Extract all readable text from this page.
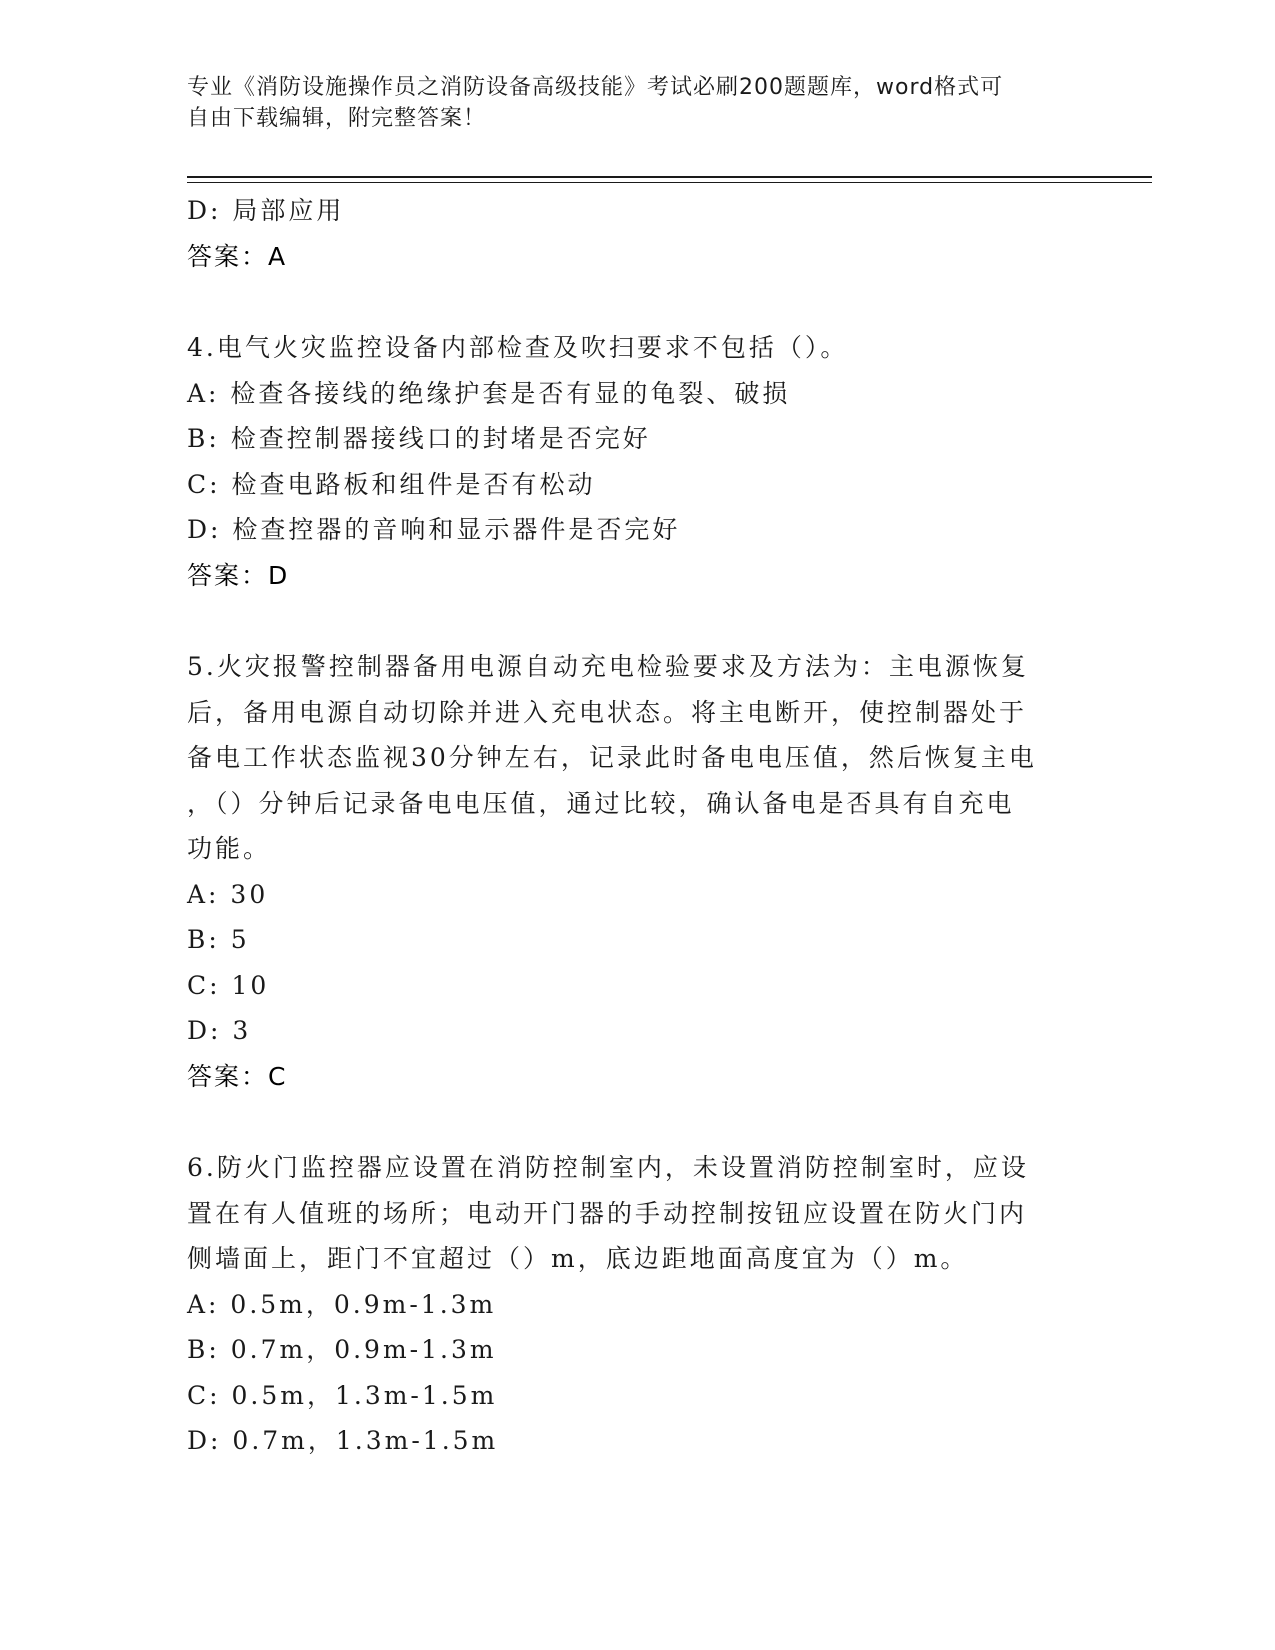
专业《消防设施操作员之消防设备高级技能》考试必刷200题题库，word格式可
自由下载编辑，附完整答案！
D: 局部应用
答案：A
4.电气火灾监控设备内部检查及吹扫要求不包括（）。
A: 检查各接线的绝缘护套是否有显的龟裂、破损
B: 检查控制器接线口的封堵是否完好
C: 检查电路板和组件是否有松动
D: 检查控器的音响和显示器件是否完好
答案：D
5.火灾报警控制器备用电源自动充电检验要求及方法为：主电源恢复
后，备用电源自动切除并进入充电状态。将主电断开，使控制器处于
备电工作状态监视30分钟左右，记录此时备电电压值，然后恢复主电
，（）分钟后记录备电电压值，通过比较，确认备电是否具有自充电
功能。
A: 30
B: 5
C: 10
D: 3
答案：C
6.防火门监控器应设置在消防控制室内，未设置消防控制室时，应设
置在有人值班的场所；电动开门器的手动控制按钮应设置在防火门内
侧墙面上，距门不宜超过（）m，底边距地面高度宜为（）m。
A: 0.5m，0.9m-1.3m
B: 0.7m，0.9m-1.3m
C: 0.5m，1.3m-1.5m
D: 0.7m，1.3m-1.5m
